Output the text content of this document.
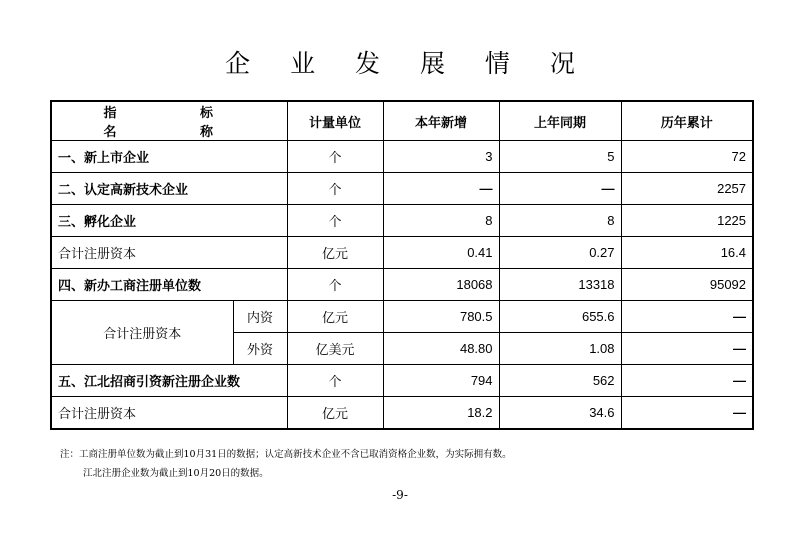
企 业 发 展 情 况
指　 标　 名　 称		计量单位	本年新增	上年同期	历年累计
一、新上市企业		个	3	5	72
二、认定高新技术企业		个	—	—	2257
三、孵化企业		个	8	8	1225
合计注册资本		亿元	0.41	0.27	16.4
四、新办工商注册单位数		个	18068	13318	95092
合计注册资本	内资	亿元	780.5	655.6	—
	外资	亿美元	48.80	1.08	—
五、江北招商引资新注册企业数		个	794	562	—
合计注册资本		亿元	18.2	34.6	—
注：工商注册单位数为截止到10月31日的数据；认定高新技术企业不含已取消资格企业数，为实际拥有数。
江北注册企业数为截止到10月20日的数据。
-9-
